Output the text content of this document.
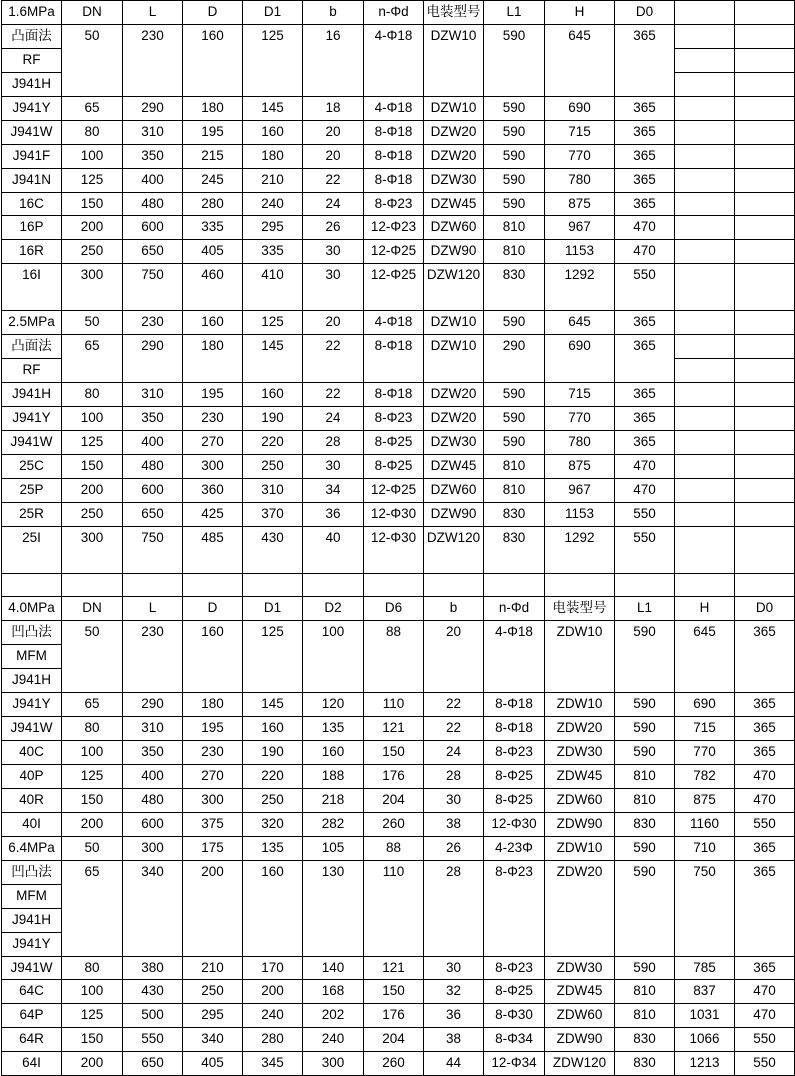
1.6MPa	DN	L	D	D1	b	n-Φd	电装型号	L1	H	D0		
凸面法	50	230	160	125	16	4-Φ18	DZW10	590	645	365		
RF												
J941H												
J941Y	65	290	180	145	18	4-Φ18	DZW10	590	690	365		
J941W	80	310	195	160	20	8-Φ18	DZW20	590	715	365		
J941F	100	350	215	180	20	8-Φ18	DZW20	590	770	365		
J941N	125	400	245	210	22	8-Φ18	DZW30	590	780	365		
16C	150	480	280	240	24	8-Φ23	DZW45	590	875	365		
16P	200	600	335	295	26	12-Φ23	DZW60	810	967	470		
16R	250	650	405	335	30	12-Φ25	DZW90	810	1153	470		
16I	300	750	460	410	30	12-Φ25	DZW120	830	1292	550		
2.5MPa	50	230	160	125	20	4-Φ18	DZW10	590	645	365		
凸面法	65	290	180	145	22	8-Φ18	DZW10	290	690	365		
RF												
J941H	80	310	195	160	22	8-Φ18	DZW20	590	715	365		
J941Y	100	350	230	190	24	8-Φ23	DZW20	590	770	365		
J941W	125	400	270	220	28	8-Φ25	DZW30	590	780	365		
25C	150	480	300	250	30	8-Φ25	DZW45	810	875	470		
25P	200	600	360	310	34	12-Φ25	DZW60	810	967	470		
25R	250	650	425	370	36	12-Φ30	DZW90	830	1153	550		
25I	300	750	485	430	40	12-Φ30	DZW120	830	1292	550		

4.0MPa	DN	L	D	D1	D2	D6	b	n-Φd	电装型号	L1	H	D0
凹凸法	50	230	160	125	100	88	20	4-Φ18	ZDW10	590	645	365
MFM												
J941H												
J941Y	65	290	180	145	120	110	22	8-Φ18	ZDW10	590	690	365
J941W	80	310	195	160	135	121	22	8-Φ18	ZDW20	590	715	365
40C	100	350	230	190	160	150	24	8-Φ23	ZDW30	590	770	365
40P	125	400	270	220	188	176	28	8-Φ25	ZDW45	810	782	470
40R	150	480	300	250	218	204	30	8-Φ25	ZDW60	810	875	470
40I	200	600	375	320	282	260	38	12-Φ30	ZDW90	830	1160	550
6.4MPa	50	300	175	135	105	88	26	4-23Φ	ZDW10	590	710	365
凹凸法	65	340	200	160	130	110	28	8-Φ23	ZDW20	590	750	365
MFM												
J941H												
J941Y												
J941W	80	380	210	170	140	121	30	8-Φ23	ZDW30	590	785	365
64C	100	430	250	200	168	150	32	8-Φ25	ZDW45	810	837	470
64P	125	500	295	240	202	176	36	8-Φ30	ZDW60	810	1031	470
64R	150	550	340	280	240	204	38	8-Φ34	ZDW90	830	1066	550
64I	200	650	405	345	300	260	44	12-Φ34	ZDW120	830	1213	550
